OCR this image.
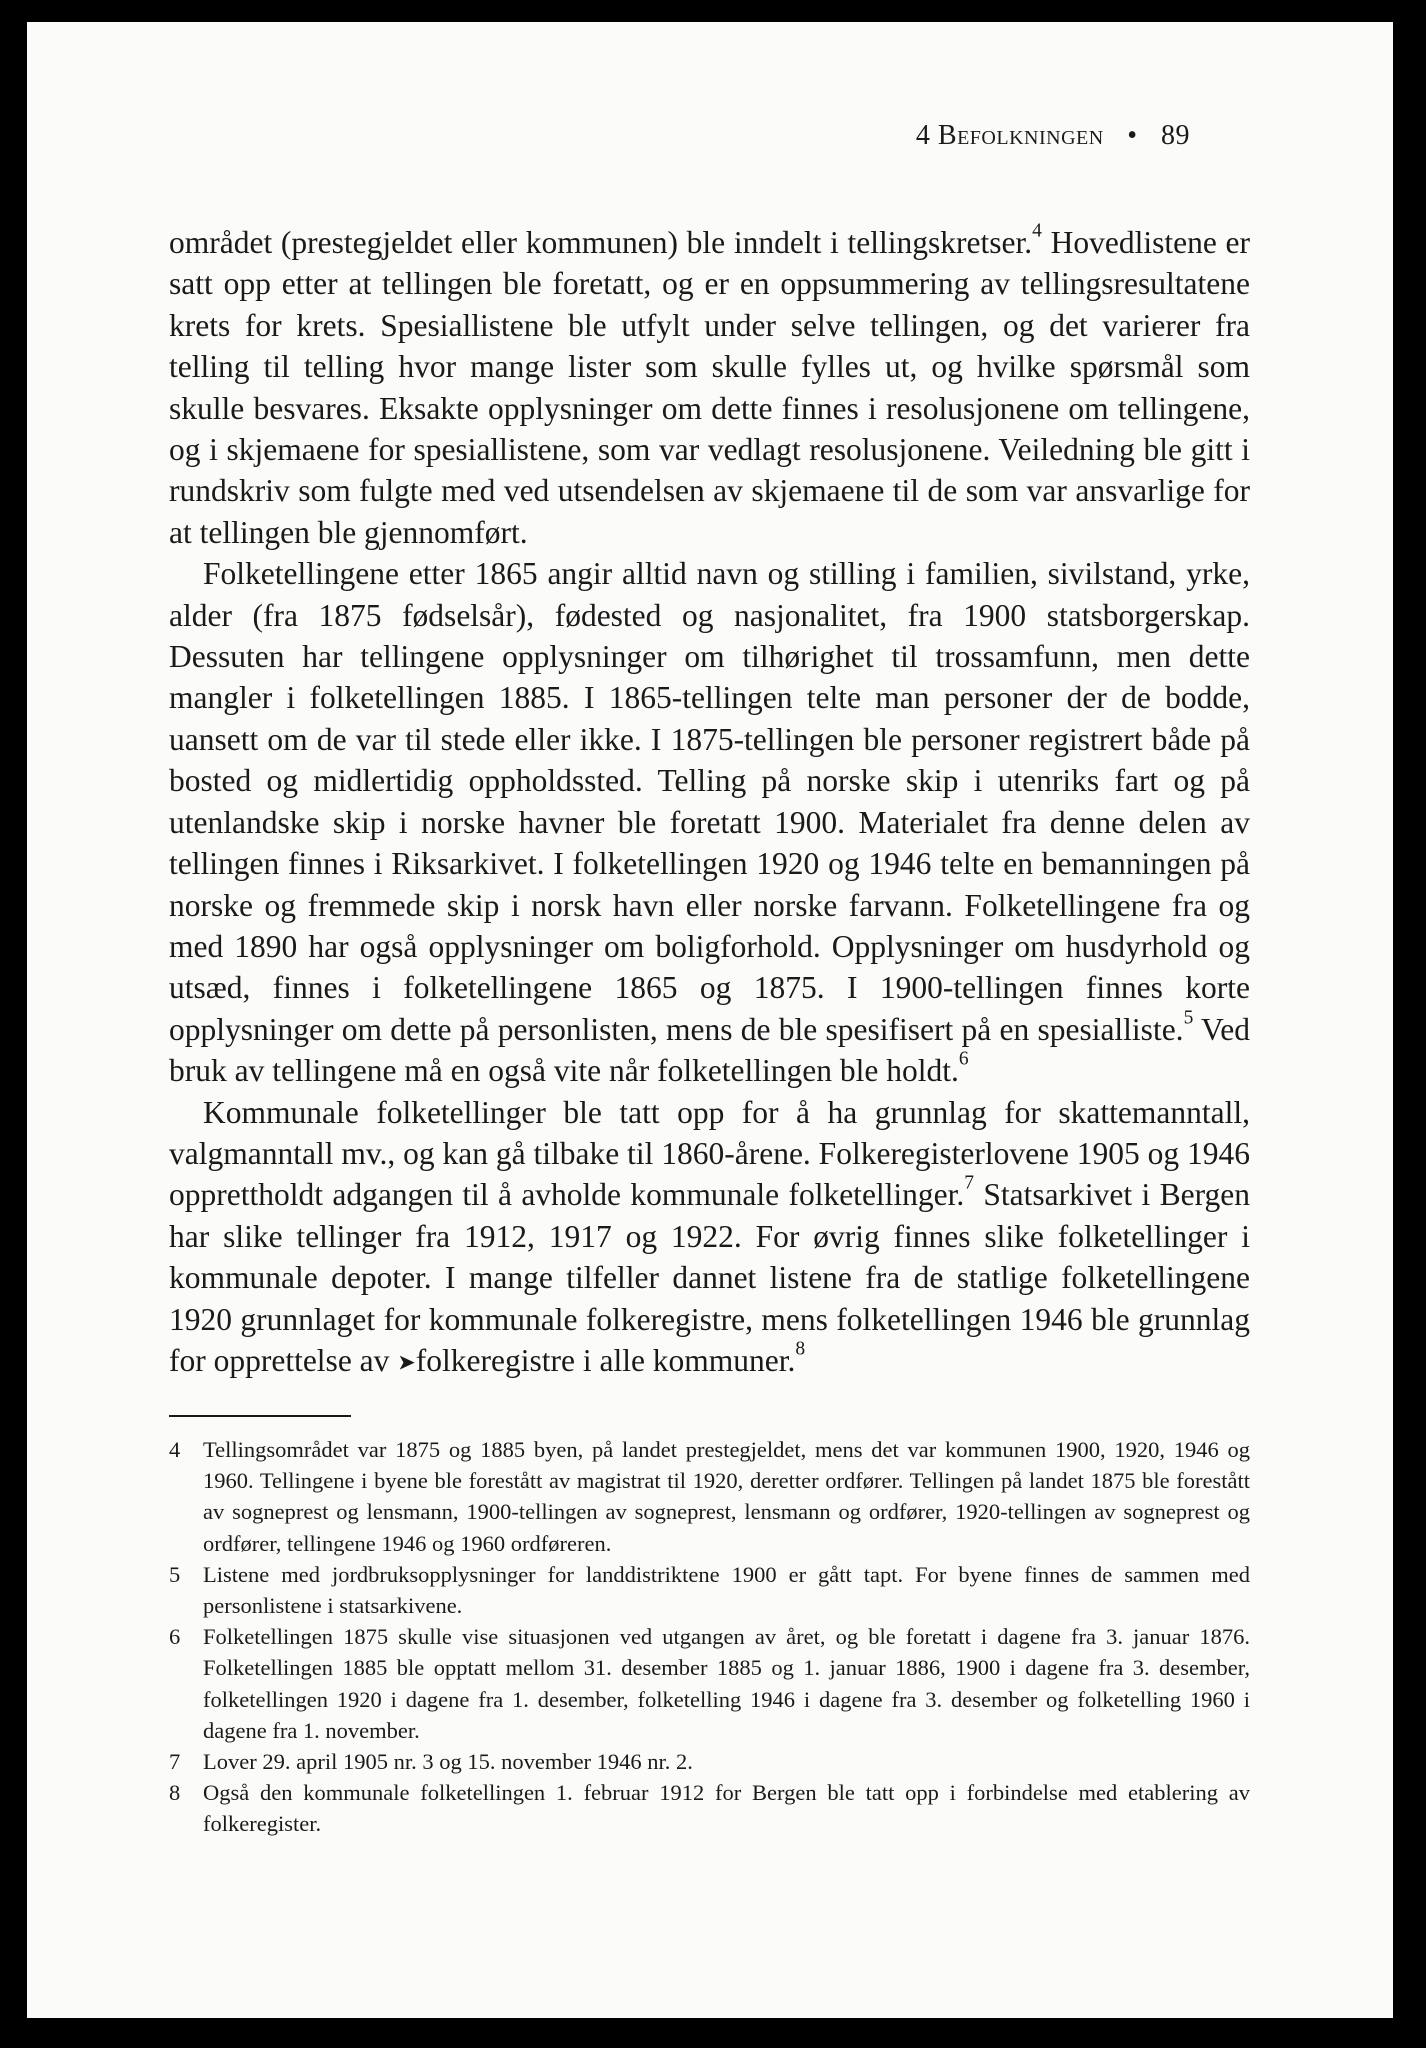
4 Befolkningen • 89

området (prestegjeldet eller kommunen) ble inndelt i tellingskretser.$^4$ Hovedlistene er satt opp etter at tellingen ble foretatt, og er en oppsummering av tellingsresultatene krets for krets. Spesiallistene ble utfylt under selve tellingen, og det varierer fra telling til telling hvor mange lister som skulle fylles ut, og hvilke spørsmål som skulle besvares. Eksakte opplysninger om dette finnes i resolusjonene om tellingene, og i skjemaene for spesiallistene, som var vedlagt resolusjonene. Veiledning ble gitt i rundskriv som fulgte med ved utsendelsen av skjemaene til de som var ansvarlige for at tellingen ble gjennomført.

Folketellingene etter 1865 angir alltid navn og stilling i familien, sivilstand, yrke, alder (fra 1875 fødselsår), fødested og nasjonalitet, fra 1900 statsborgerskap. Dessuten har tellingene opplysninger om tilhørighet til trossamfunn, men dette mangler i folketellingen 1885. I 1865-tellingen telte man personer der de bodde, uansett om de var til stede eller ikke. I 1875-tellingen ble personer registrert både på bosted og midlertidig oppholdssted. Telling på norske skip i utenriks fart og på utenlandske skip i norske havner ble foretatt 1900. Materialet fra denne delen av tellingen finnes i Riksarkivet. I folketellingen 1920 og 1946 telte en bemanningen på norske og fremmede skip i norsk havn eller norske farvann. Folketellingene fra og med 1890 har også opplysninger om boligforhold. Opplysninger om husdyrhold og utsæd, finnes i folketellingene 1865 og 1875. I 1900-tellingen finnes korte opplysninger om dette på personlisten, mens de ble spesifisert på en spesialliste.$^5$ Ved bruk av tellingene må en også vite når folketellingen ble holdt.$^6$

Kommunale folketellinger ble tatt opp for å ha grunnlag for skattemanntall, valgmanntall mv., og kan gå tilbake til 1860-årene. Folkeregisterlovene 1905 og 1946 opprettholdt adgangen til å avholde kommunale folketellinger.$^7$ Statsarkivet i Bergen har slike tellinger fra 1912, 1917 og 1922. For øvrig finnes slike folketellinger i kommunale depoter. I mange tilfeller dannet listene fra de statlige folketellingene 1920 grunnlaget for kommunale folkeregistre, mens folketellingen 1946 ble grunnlag for opprettelse av ➤folkeregistre i alle kommuner.$^8$

4 Tellingsområdet var 1875 og 1885 byen, på landet prestegjeldet, mens det var kommunen 1900, 1920, 1946 og 1960. Tellingene i byene ble forestått av magistrat til 1920, deretter ordfører. Tellingen på landet 1875 ble forestått av sogneprest og lensmann, 1900-tellingen av sogneprest, lensmann og ordfører, 1920-tellingen av sogneprest og ordfører, tellingene 1946 og 1960 ordføreren.

5 Listene med jordbruksopplysninger for landdistriktene 1900 er gått tapt. For byene finnes de sammen med personlistene i statsarkivene.

6 Folketellingen 1875 skulle vise situasjonen ved utgangen av året, og ble foretatt i dagene fra 3. januar 1876. Folketellingen 1885 ble opptatt mellom 31. desember 1885 og 1. januar 1886, 1900 i dagene fra 3. desember, folketellingen 1920 i dagene fra 1. desember, folketelling 1946 i dagene fra 3. desember og folketelling 1960 i dagene fra 1. november.

7 Lover 29. april 1905 nr. 3 og 15. november 1946 nr. 2.

8 Også den kommunale folketellingen 1. februar 1912 for Bergen ble tatt opp i forbindelse med etablering av folkeregister.
